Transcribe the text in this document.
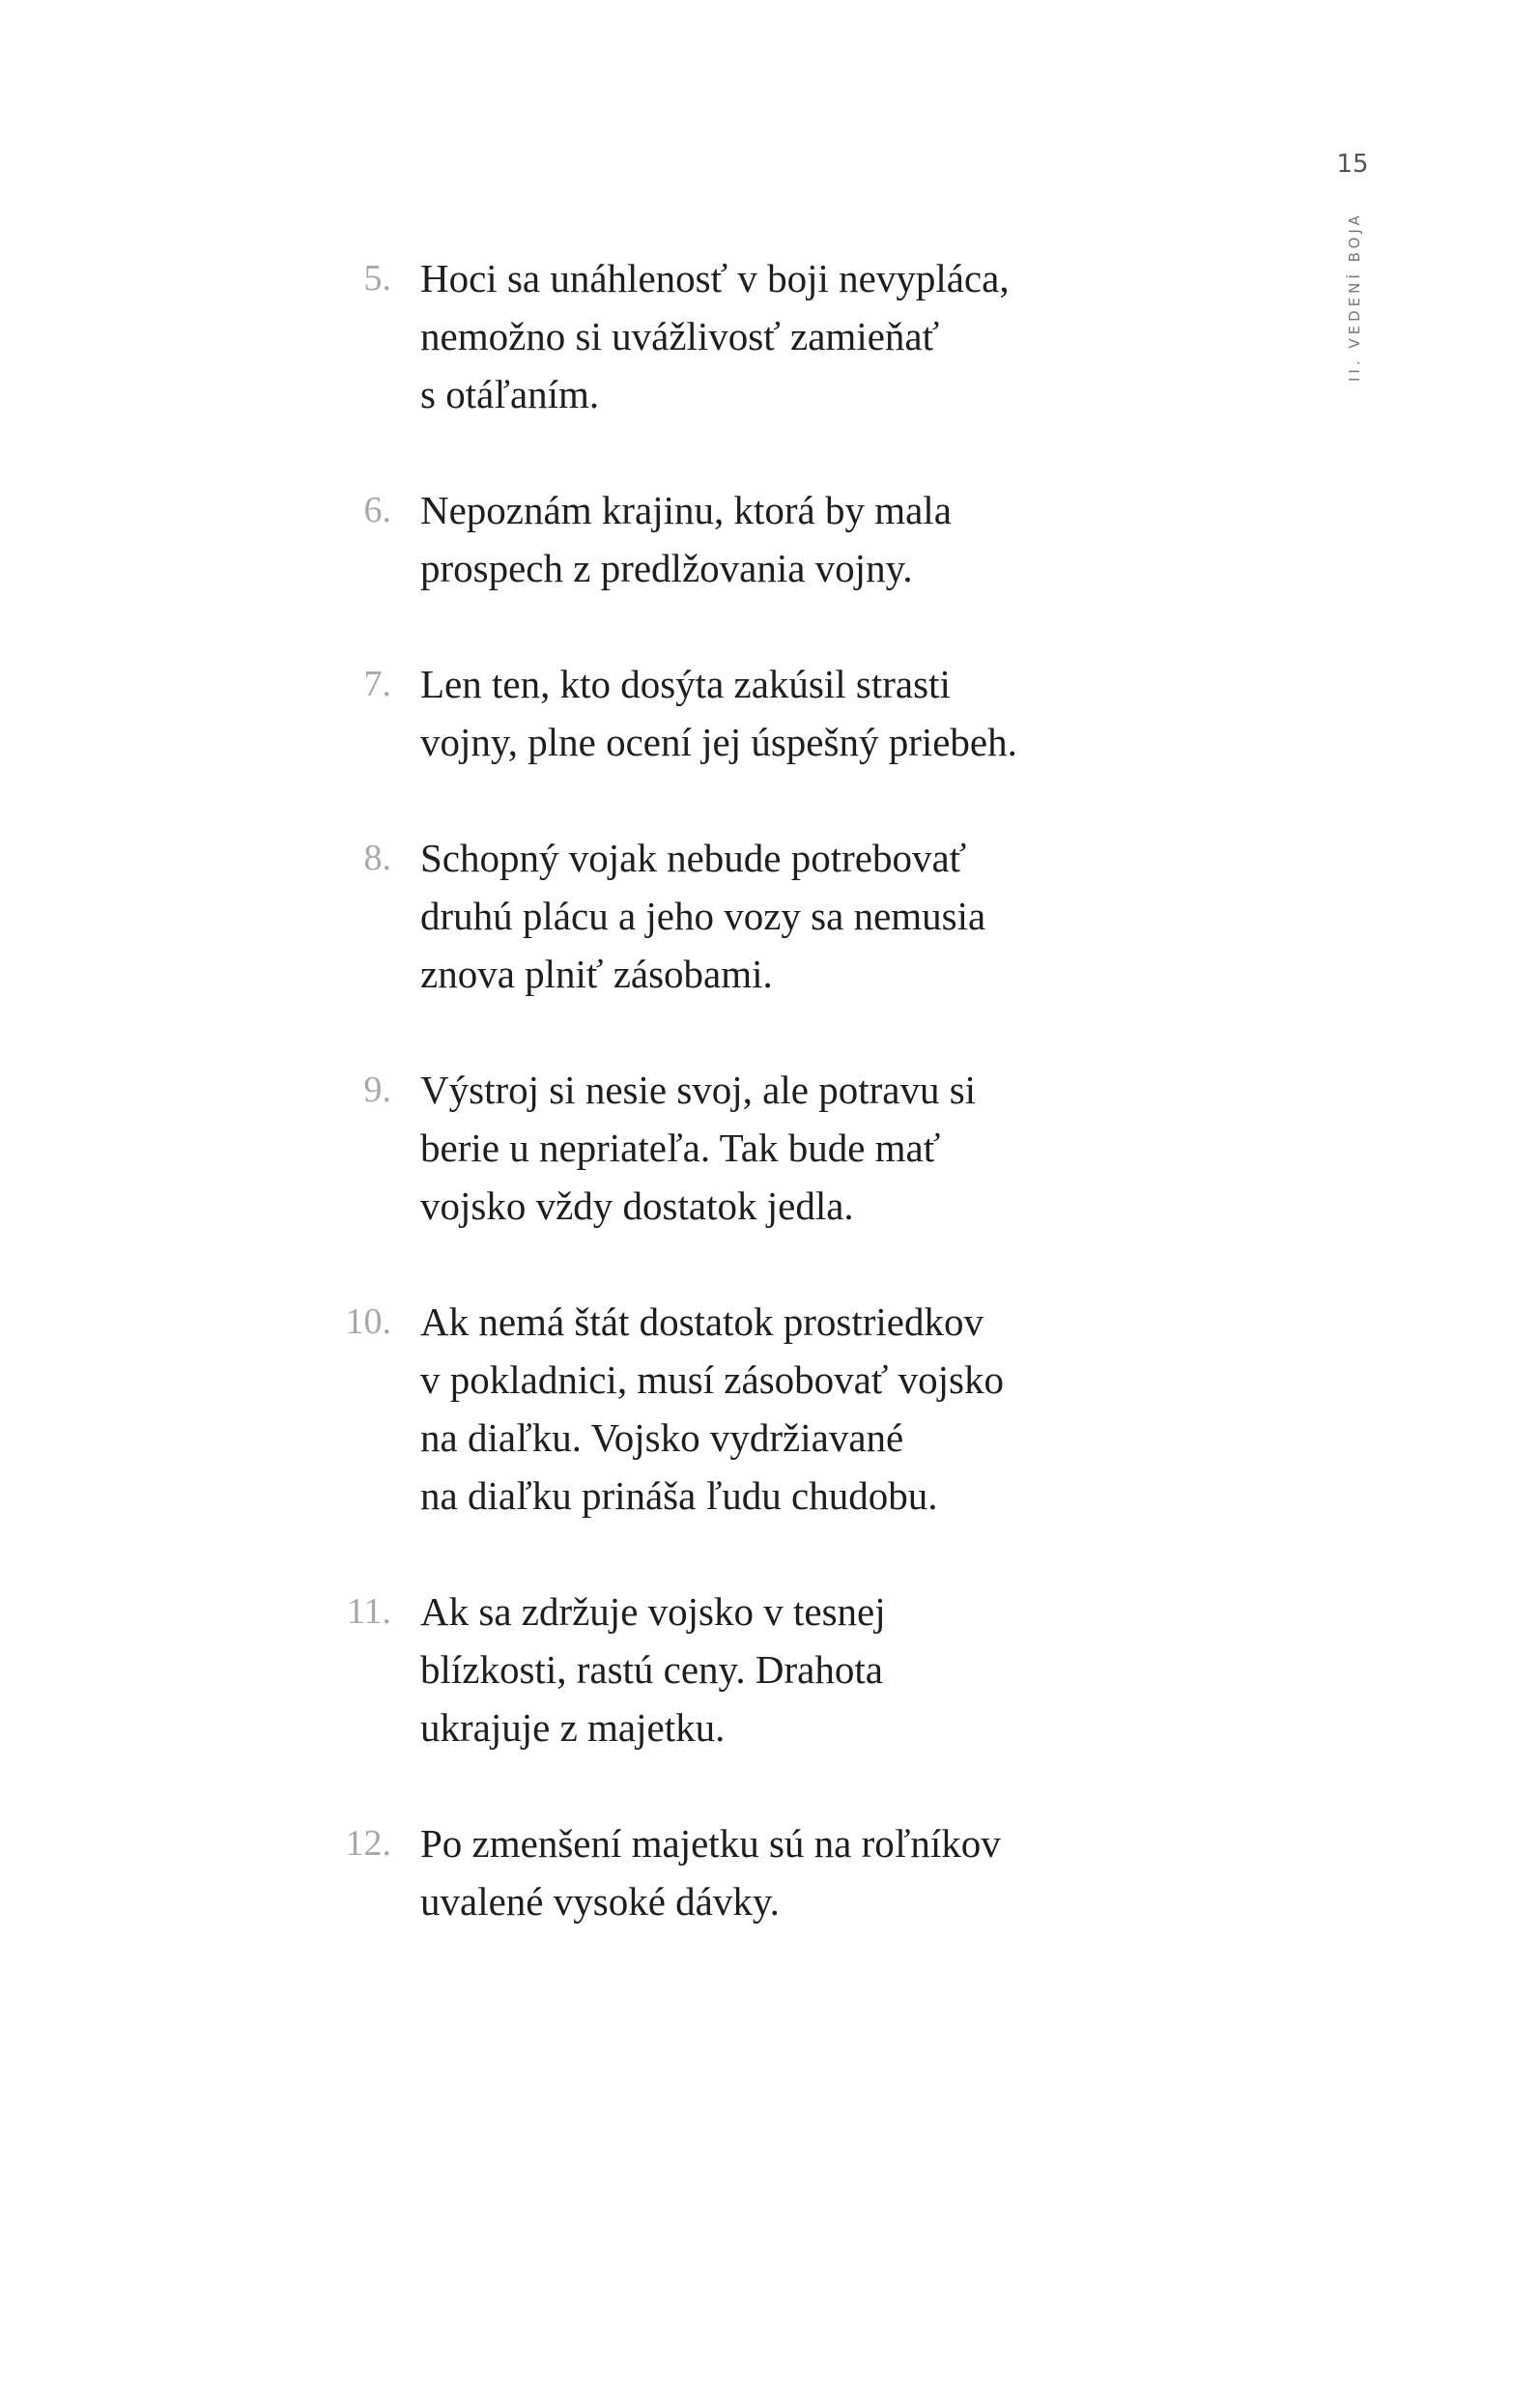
15
II. VEDENÍ BOJA
5. Hoci sa unáhlenosť v boji nevypláca,
nemožno si uvážlivosť zamieňať
s otáľaním.
6. Nepoznám krajinu, ktorá by mala
prospech z predlžovania vojny.
7. Len ten, kto dosýta zakúsil strasti
vojny, plne ocení jej úspešný priebeh.
8. Schopný vojak nebude potrebovať
druhú plácu a jeho vozy sa nemusia
znova plniť zásobami.
9. Výstroj si nesie svoj, ale potravu si
berie u nepriateľa. Tak bude mať
vojsko vždy dostatok jedla.
10. Ak nemá štát dostatok prostriedkov
v pokladnici, musí zásobovať vojsko
na diaľku. Vojsko vydržiavané
na diaľku prináša ľudu chudobu.
11. Ak sa zdržuje vojsko v tesnej
blízkosti, rastú ceny. Drahota
ukrajuje z majetku.
12. Po zmenšení majetku sú na roľníkov
uvalené vysoké dávky.
